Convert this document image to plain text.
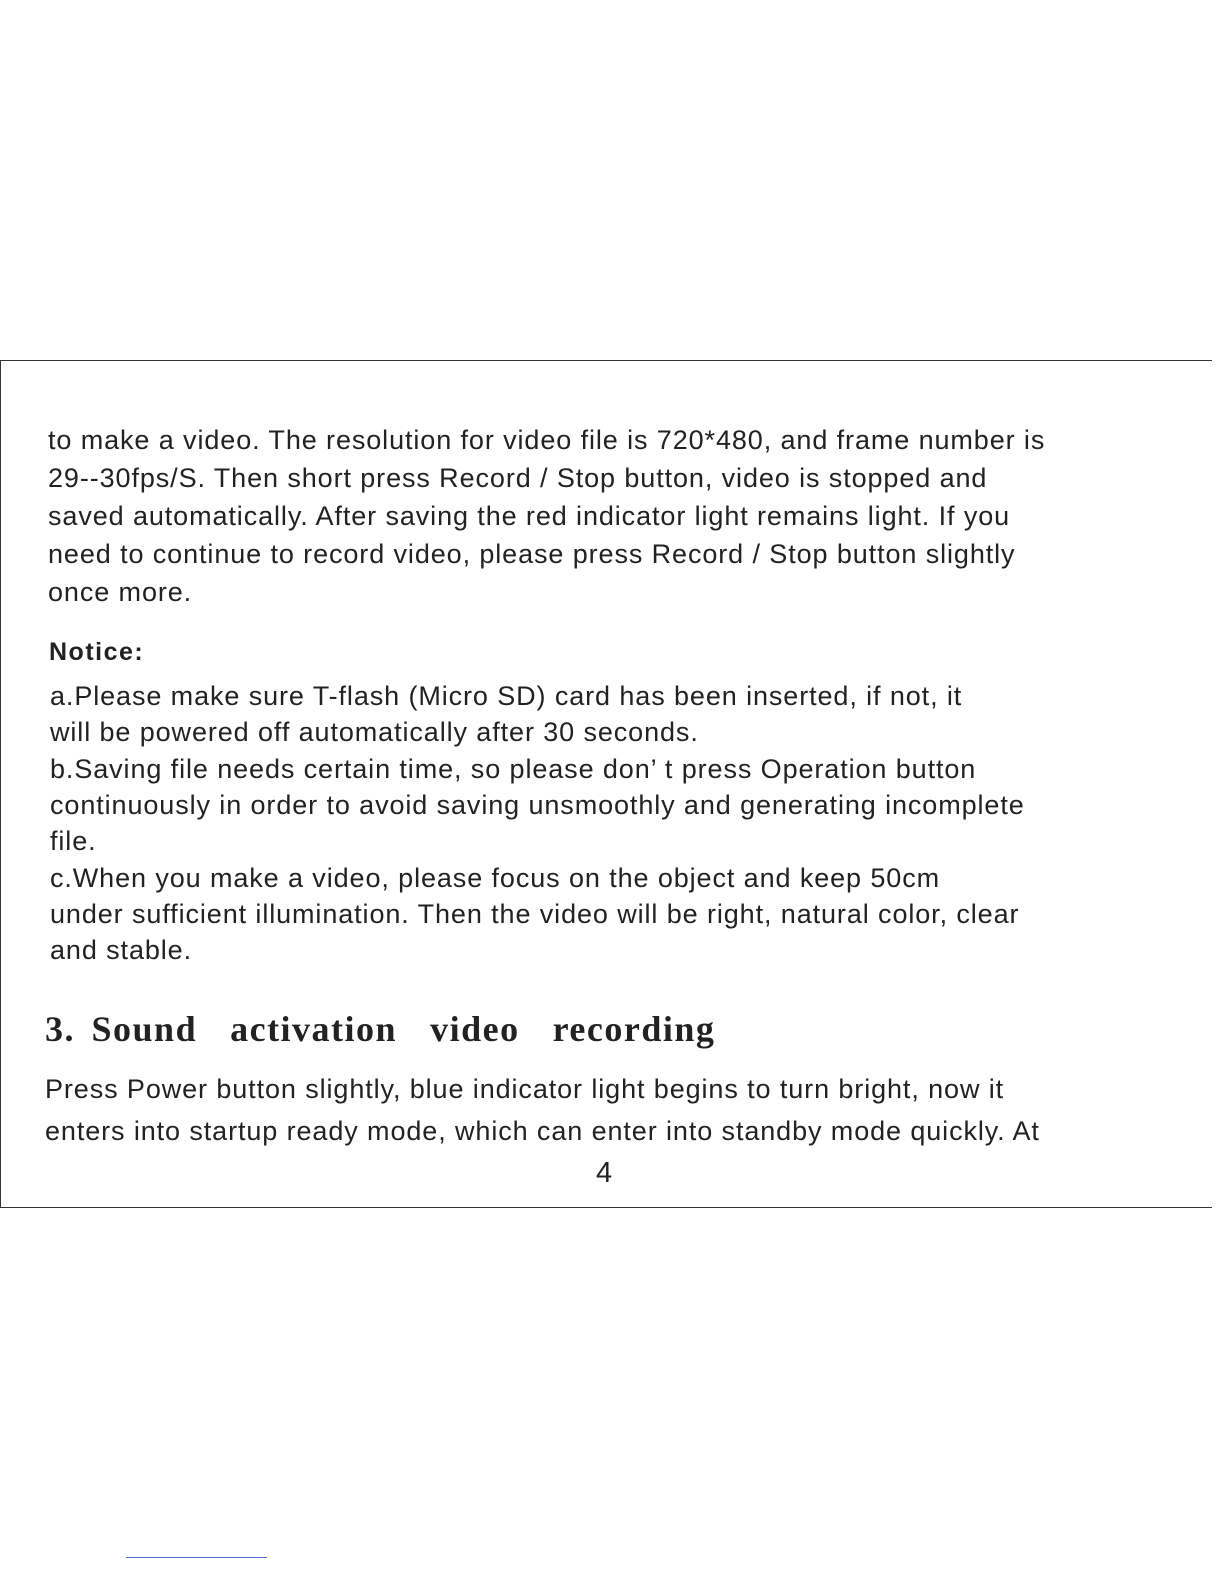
to make a video. The resolution for video file is 720*480, and frame number is
29--30fps/S. Then short press Record / Stop button, video is stopped and
saved automatically. After saving the red indicator light remains light. If you
need to continue to record video, please press Record / Stop button slightly
once more.
Notice:
a.Please make sure T-flash (Micro SD) card has been inserted, if not, it
will be powered off automatically after 30 seconds.
b.Saving file needs certain time, so please don’ t press Operation button
continuously in order to avoid saving unsmoothly and generating incomplete
file.
c.When you make a video, please focus on the object and keep 50cm
under sufficient illumination. Then the video will be right, natural color, clear
and stable.
3. Sound  activation  video  recording
Press Power button slightly, blue indicator light begins to turn bright, now it
enters into startup ready mode, which can enter into standby mode quickly. At
4
